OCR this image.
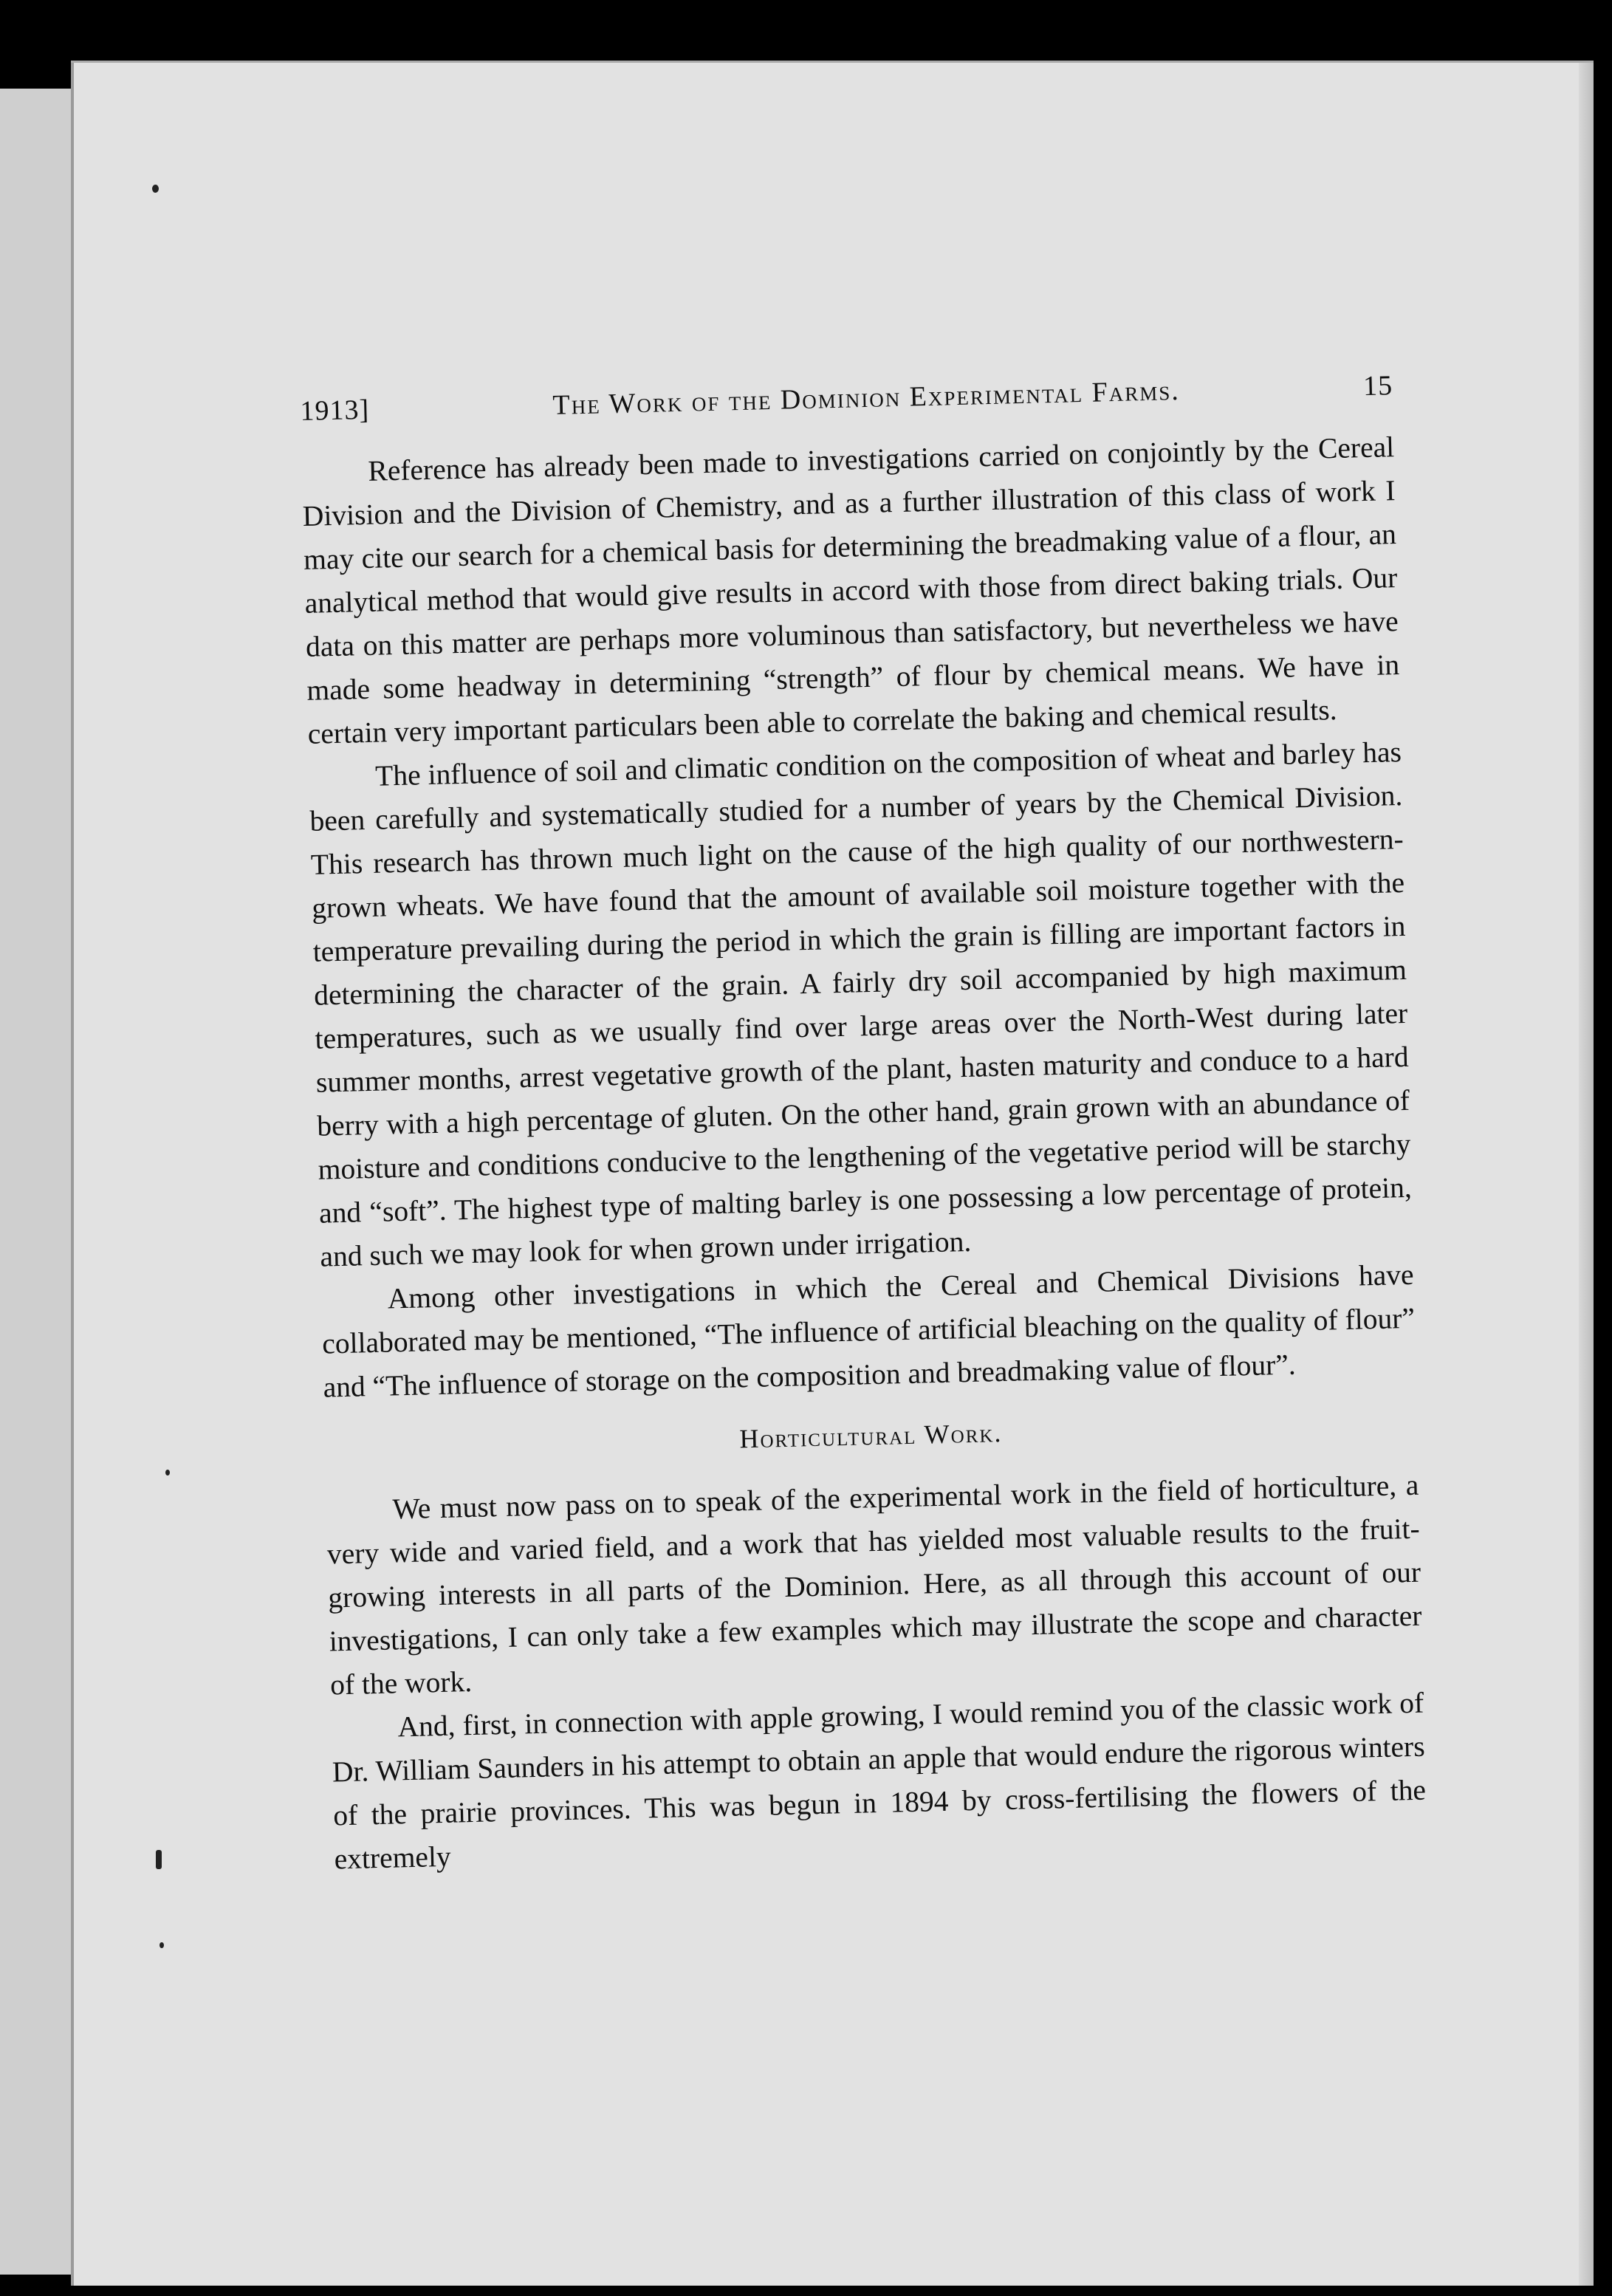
1913]	The Work of the Dominion Experimental Farms.	15

Reference has already been made to investigations carried on conjointly by the Cereal Division and the Division of Chemistry, and as a further illustration of this class of work I may cite our search for a chemical basis for determining the breadmaking value of a flour, an analytical method that would give results in accord with those from direct baking trials. Our data on this matter are perhaps more voluminous than satisfactory, but nevertheless we have made some headway in determining “strength” of flour by chemical means. We have in certain very important particulars been able to correlate the baking and chemical results.

The influence of soil and climatic condition on the composition of wheat and barley has been carefully and systematically studied for a number of years by the Chemical Division. This research has thrown much light on the cause of the high quality of our northwestern-grown wheats. We have found that the amount of available soil moisture together with the temperature prevailing during the period in which the grain is filling are important factors in determining the character of the grain. A fairly dry soil accompanied by high maximum temperatures, such as we usually find over large areas over the North-West during later summer months, arrest vegetative growth of the plant, hasten maturity and conduce to a hard berry with a high percentage of gluten. On the other hand, grain grown with an abundance of moisture and conditions conducive to the lengthening of the vegetative period will be starchy and “soft”. The highest type of malting barley is one possessing a low percentage of protein, and such we may look for when grown under irrigation.

Among other investigations in which the Cereal and Chemical Divisions have collaborated may be mentioned, “The influence of artificial bleaching on the quality of flour” and “The influence of storage on the composition and breadmaking value of flour”.

Horticultural Work.

We must now pass on to speak of the experimental work in the field of horticulture, a very wide and varied field, and a work that has yielded most valuable results to the fruit-growing interests in all parts of the Dominion. Here, as all through this account of our investigations, I can only take a few examples which may illustrate the scope and character of the work.

And, first, in connection with apple growing, I would remind you of the classic work of Dr. William Saunders in his attempt to obtain an apple that would endure the rigorous winters of the prairie provinces. This was begun in 1894 by cross-fertilising the flowers of the extremely
